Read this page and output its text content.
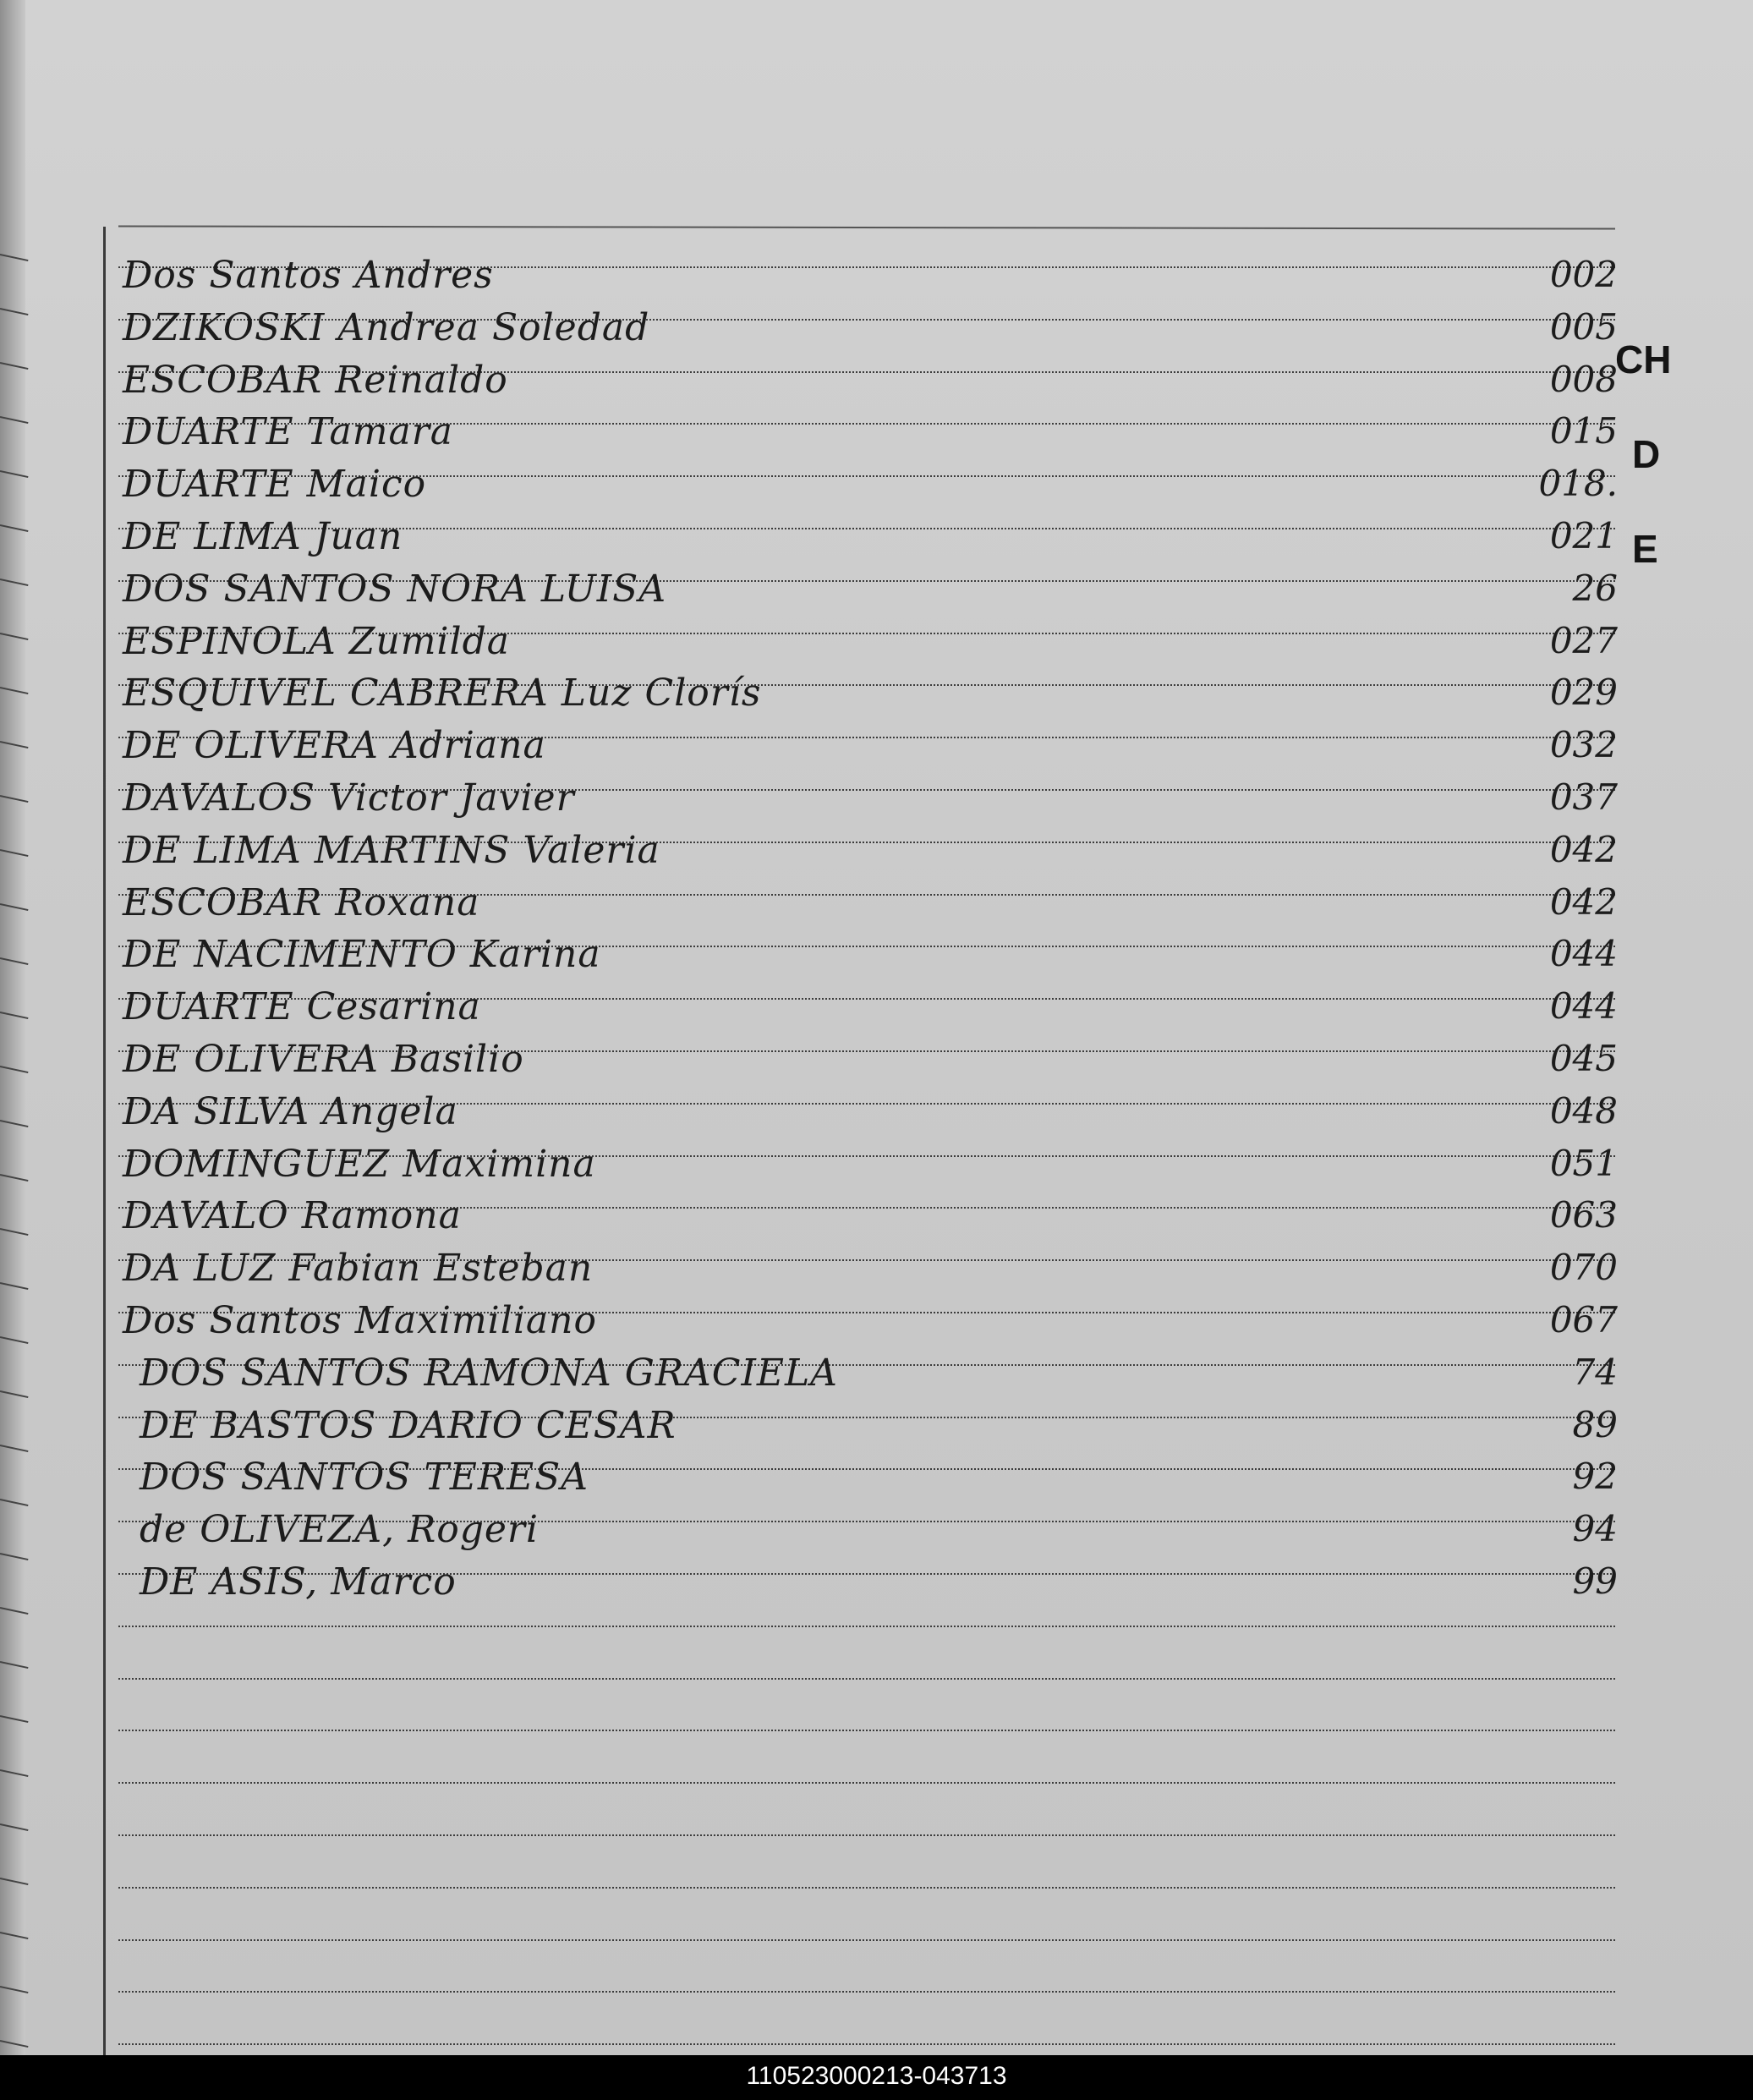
Dos Santos Andres	002
DZIKOSKI Andrea Soledad	005
ESCOBAR Reinaldo	008
DUARTE Tamara	015
DUARTE Maico	018.
DE LIMA Juan	021
DOS SANTOS NORA LUISA	26
ESPINOLA Zumilda	027
ESQUIVEL CABRERA Luz Clorís	029
DE OLIVERA Adriana	032
DAVALOS Victor Javier	037
DE LIMA MARTINS Valeria	042
ESCOBAR Roxana	042
DE NACIMENTO Karina	044
DUARTE Cesarina	044
DE OLIVERA Basilio	045
DA SILVA Angela	048
DOMINGUEZ Maximina	051
DAVALO Ramona	063
DA LUZ Fabian Esteban	070
Dos Santos Maximiliano	067
DOS SANTOS RAMONA GRACIELA	74
DE BASTOS DARIO CESAR	89
DOS SANTOS TERESA	92
de OLIVEZA, Rogeri	94
DE ASIS, Marco	99
CH
D
E
110523000213-043713
